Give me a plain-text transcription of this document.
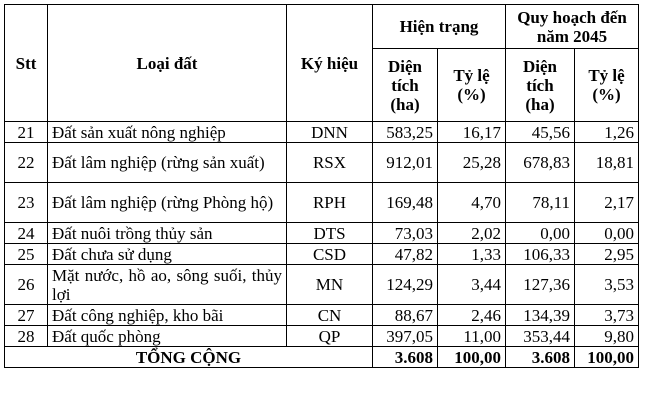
Stt	Loại đất	Ký hiệu	Hiện trạng		Quy hoạch đến năm 2045	
			Diện tích (ha)	Tỷ lệ (%)	Diện tích (ha)	Tỷ lệ (%)
21	Đất sản xuất nông nghiệp	DNN	583,25	16,17	45,56	1,26
22	Đất lâm nghiệp (rừng sản xuất)	RSX	912,01	25,28	678,83	18,81
23	Đất lâm nghiệp (rừng Phòng hộ)	RPH	169,48	4,70	78,11	2,17
24	Đất nuôi trồng thủy sản	DTS	73,03	2,02	0,00	0,00
25	Đất chưa sử dụng	CSD	47,82	1,33	106,33	2,95
26	Mặt nước, hồ ao, sông suối, thủy lợi	MN	124,29	3,44	127,36	3,53
27	Đất công nghiệp, kho bãi	CN	88,67	2,46	134,39	3,73
28	Đất quốc phòng	QP	397,05	11,00	353,44	9,80
TỔNG CỘNG			3.608	100,00	3.608	100,00
